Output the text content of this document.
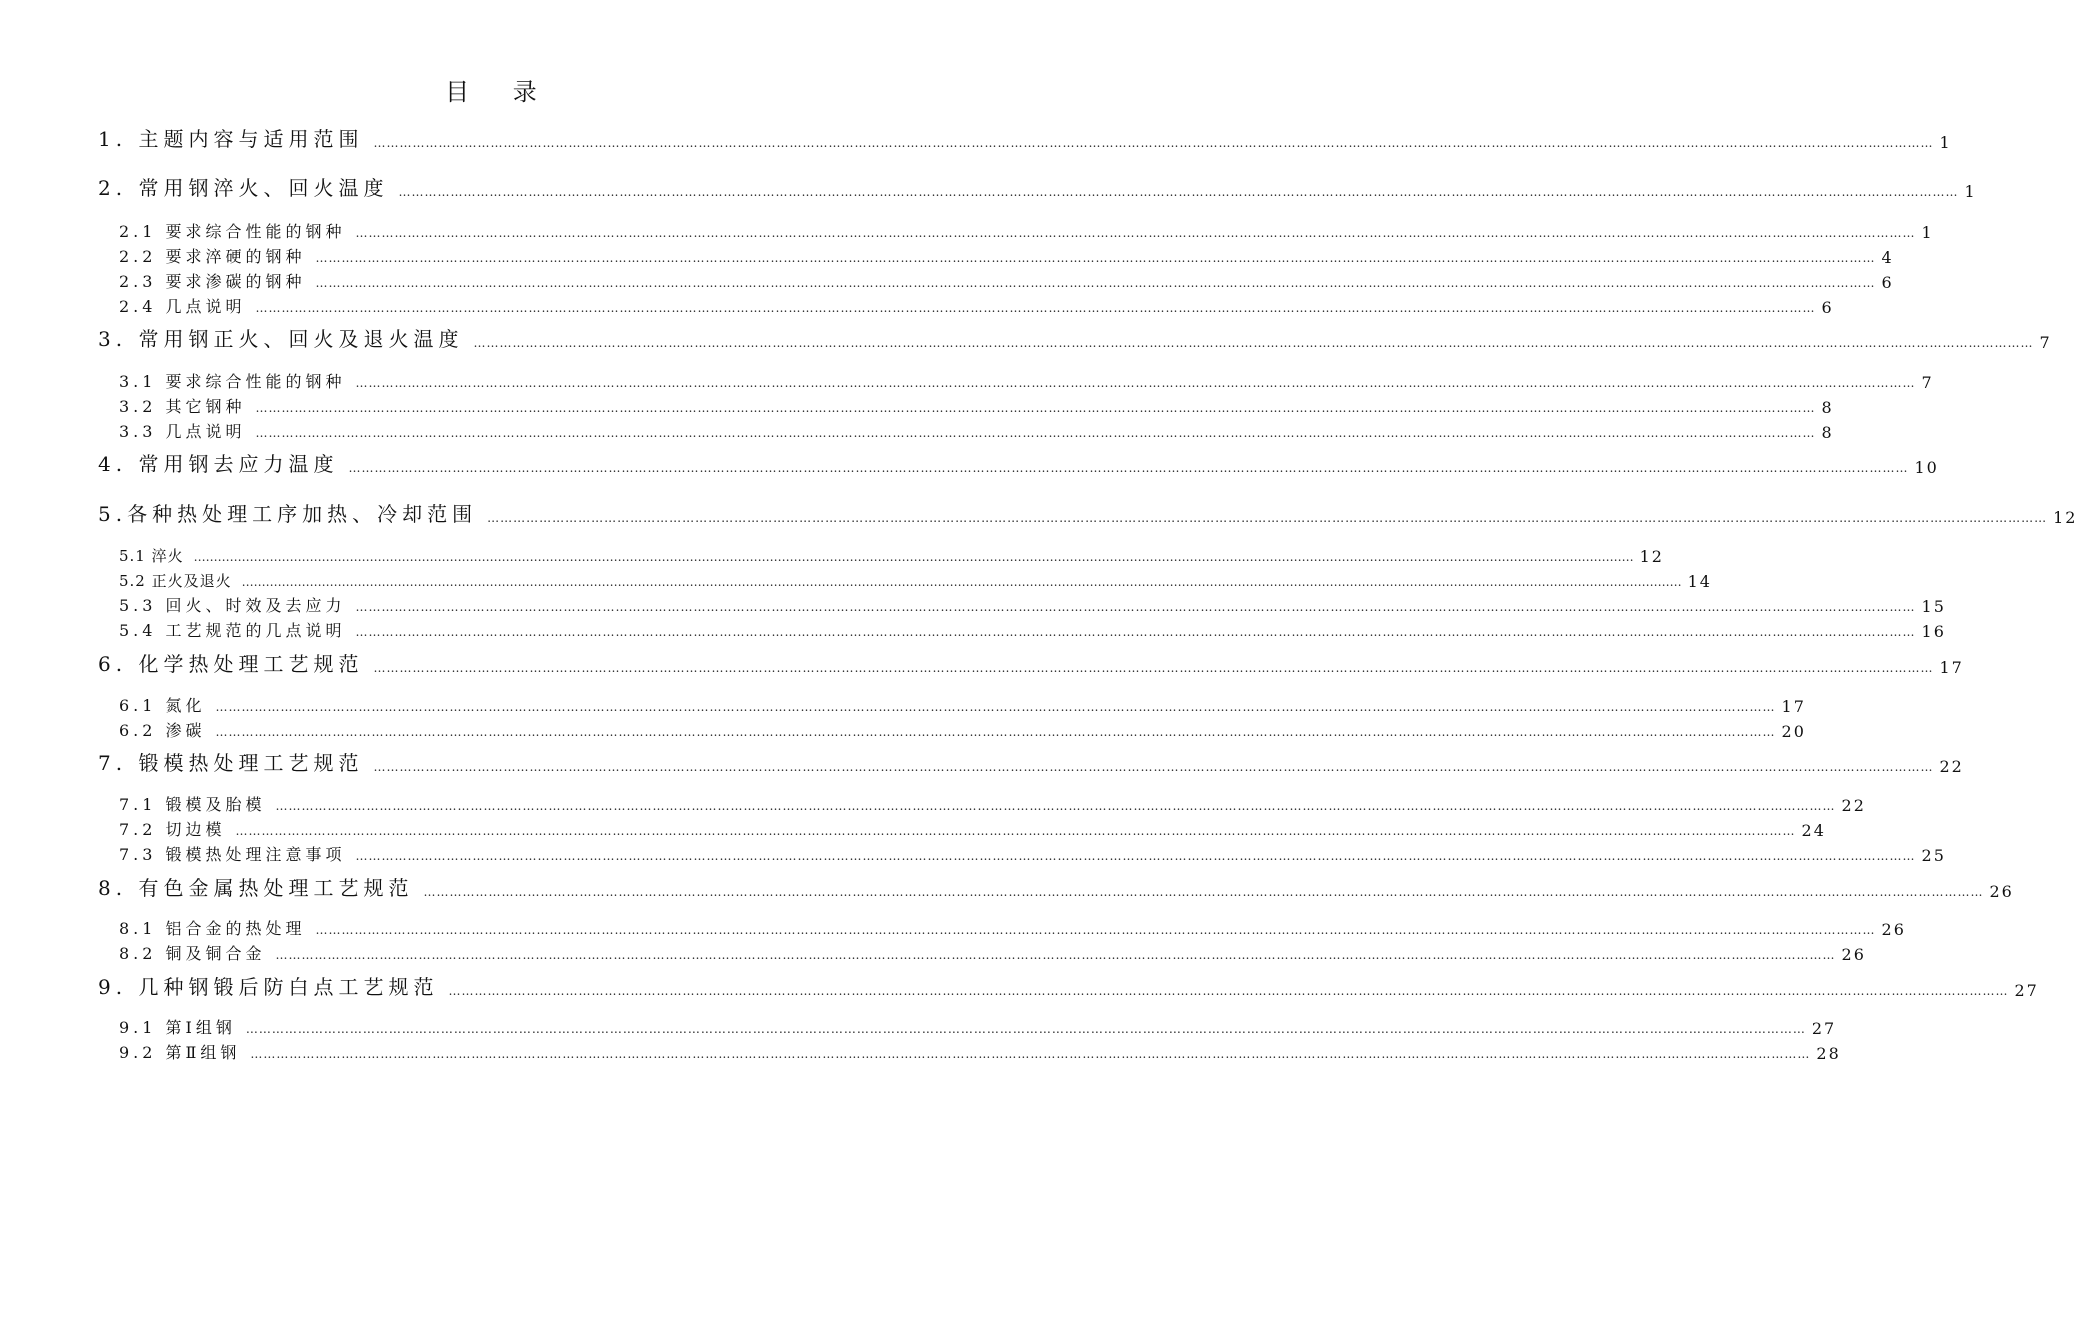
目 录
1. 主题内容与适用范围 ……………………………………………………………………………………………………………………………………………………………………………………………………………………………………………………………………………………………………………………………… 1
2. 常用钢淬火、回火温度 ……………………………………………………………………………………………………………………………………………………………………………………………………………………………………………………………………………………………………………………………… 1
2.1 要求综合性能的钢种 ……………………………………………………………………………………………………………………………………………………………………………………………………………………………………………………………………………………………………………………………… 1
2.2 要求淬硬的钢种 ……………………………………………………………………………………………………………………………………………………………………………………………………………………………………………………………………………………………………………………………… 4
2.3 要求渗碳的钢种 ……………………………………………………………………………………………………………………………………………………………………………………………………………………………………………………………………………………………………………………………… 6
2.4 几点说明 ……………………………………………………………………………………………………………………………………………………………………………………………………………………………………………………………………………………………………………………………… 6
3. 常用钢正火、回火及退火温度 ……………………………………………………………………………………………………………………………………………………………………………………………………………………………………………………………………………………………………………………………… 7
3.1 要求综合性能的钢种 ……………………………………………………………………………………………………………………………………………………………………………………………………………………………………………………………………………………………………………………………… 7
3.2 其它钢种 ……………………………………………………………………………………………………………………………………………………………………………………………………………………………………………………………………………………………………………………………… 8
3.3 几点说明 ……………………………………………………………………………………………………………………………………………………………………………………………………………………………………………………………………………………………………………………………… 8
4. 常用钢去应力温度 ……………………………………………………………………………………………………………………………………………………………………………………………………………………………………………………………………………………………………………………………… 10
5.各种热处理工序加热、冷却范围 ……………………………………………………………………………………………………………………………………………………………………………………………………………………………………………………………………………………………………………………………… 12
5.1 淬火 ……………………………………………………………………………………………………………………………………………………………………………………………………………………………………………………………………………………………………………………………… 12
5.2 正火及退火 ……………………………………………………………………………………………………………………………………………………………………………………………………………………………………………………………………………………………………………………………… 14
5.3 回火、时效及去应力 ……………………………………………………………………………………………………………………………………………………………………………………………………………………………………………………………………………………………………………………………… 15
5.4 工艺规范的几点说明 ……………………………………………………………………………………………………………………………………………………………………………………………………………………………………………………………………………………………………………………………… 16
6. 化学热处理工艺规范 ……………………………………………………………………………………………………………………………………………………………………………………………………………………………………………………………………………………………………………………………… 17
6.1 氮化 ……………………………………………………………………………………………………………………………………………………………………………………………………………………………………………………………………………………………………………………………… 17
6.2 渗碳 ……………………………………………………………………………………………………………………………………………………………………………………………………………………………………………………………………………………………………………………………… 20
7. 锻模热处理工艺规范 ……………………………………………………………………………………………………………………………………………………………………………………………………………………………………………………………………………………………………………………………… 22
7.1 锻模及胎模 ……………………………………………………………………………………………………………………………………………………………………………………………………………………………………………………………………………………………………………………………… 22
7.2 切边模 ……………………………………………………………………………………………………………………………………………………………………………………………………………………………………………………………………………………………………………………………… 24
7.3 锻模热处理注意事项 ……………………………………………………………………………………………………………………………………………………………………………………………………………………………………………………………………………………………………………………………… 25
8. 有色金属热处理工艺规范 ……………………………………………………………………………………………………………………………………………………………………………………………………………………………………………………………………………………………………………………………… 26
8.1 铝合金的热处理 ……………………………………………………………………………………………………………………………………………………………………………………………………………………………………………………………………………………………………………………………… 26
8.2 铜及铜合金 ……………………………………………………………………………………………………………………………………………………………………………………………………………………………………………………………………………………………………………………………… 26
9. 几种钢锻后防白点工艺规范 ……………………………………………………………………………………………………………………………………………………………………………………………………………………………………………………………………………………………………………………………… 27
9.1 第Ⅰ组钢 ……………………………………………………………………………………………………………………………………………………………………………………………………………………………………………………………………………………………………………………………… 27
9.2 第Ⅱ组钢 ……………………………………………………………………………………………………………………………………………………………………………………………………………………………………………………………………………………………………………………………… 28
